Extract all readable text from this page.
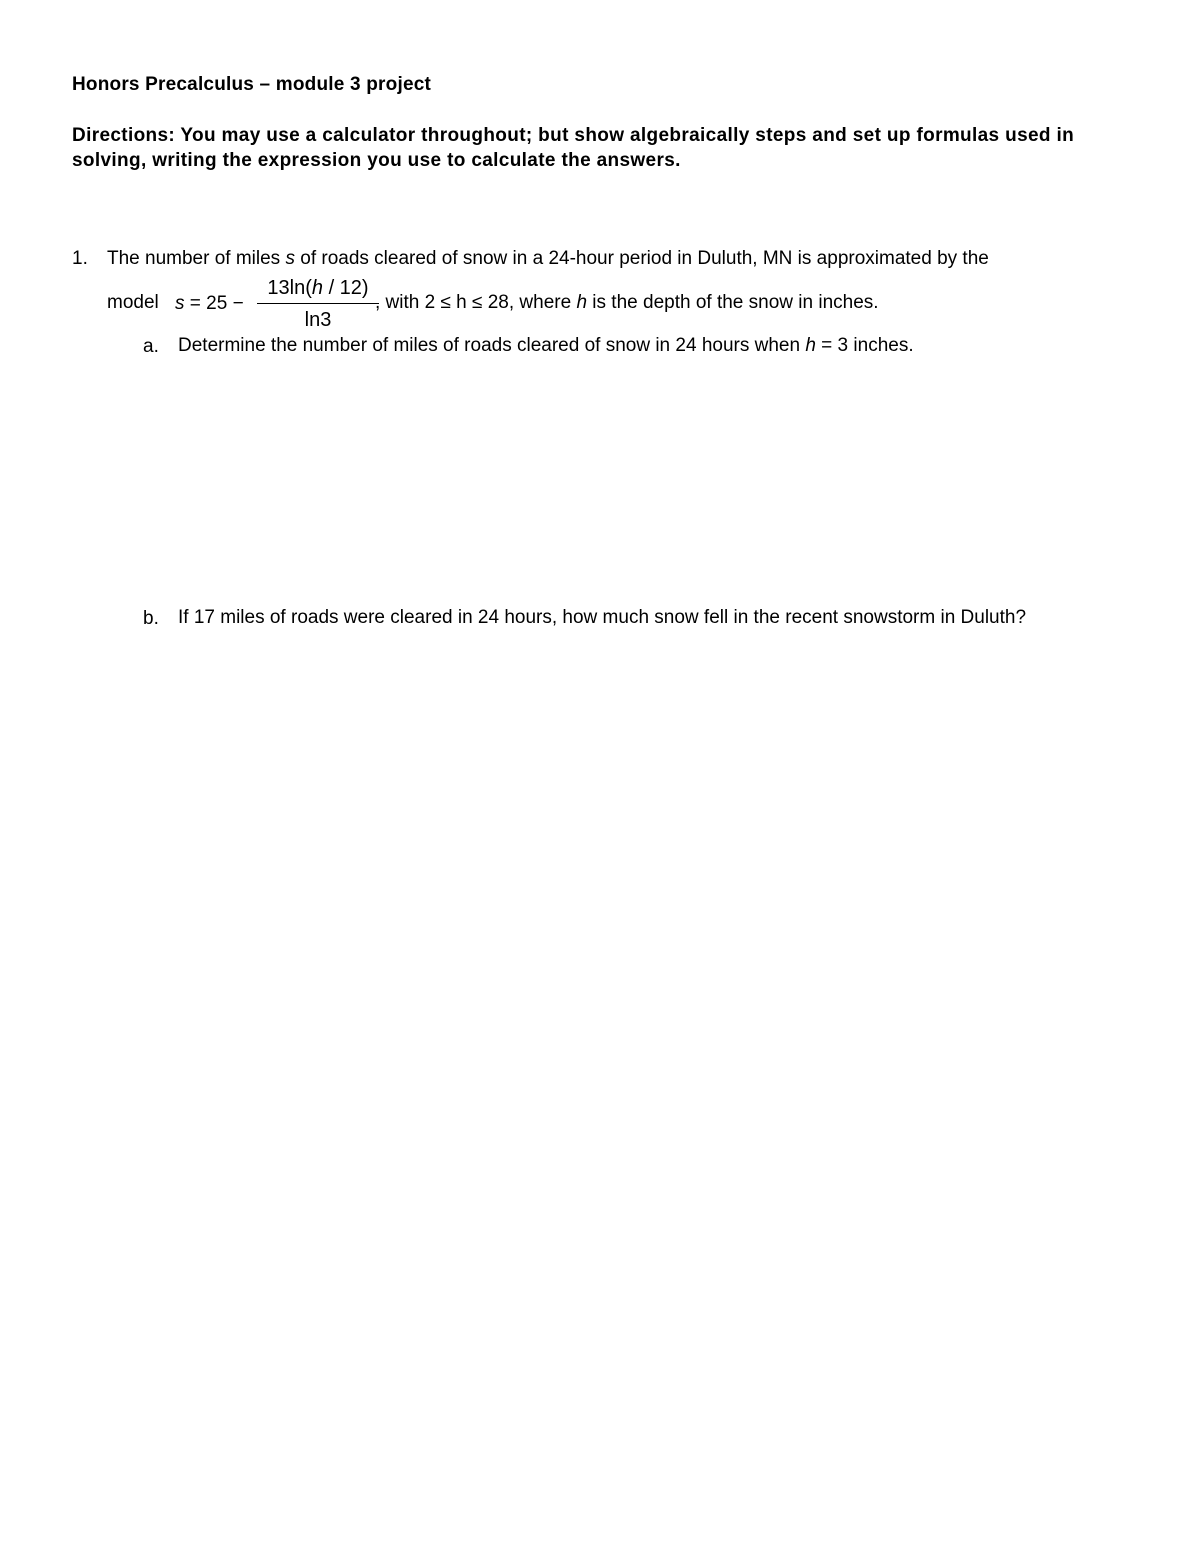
Honors Precalculus – module 3 project
Directions: You may use a calculator throughout; but show algebraically steps and set up formulas used in solving, writing the expression you use to calculate the answers.
1. The number of miles s of roads cleared of snow in a 24-hour period in Duluth, MN is approximated by the
model s = 25 −
13ln(h / 12)
ln3
, with 2 ≤ h ≤ 28, where h is the depth of the snow in inches.
a. Determine the number of miles of roads cleared of snow in 24 hours when h = 3 inches.
b. If 17 miles of roads were cleared in 24 hours, how much snow fell in the recent snowstorm in Duluth?
